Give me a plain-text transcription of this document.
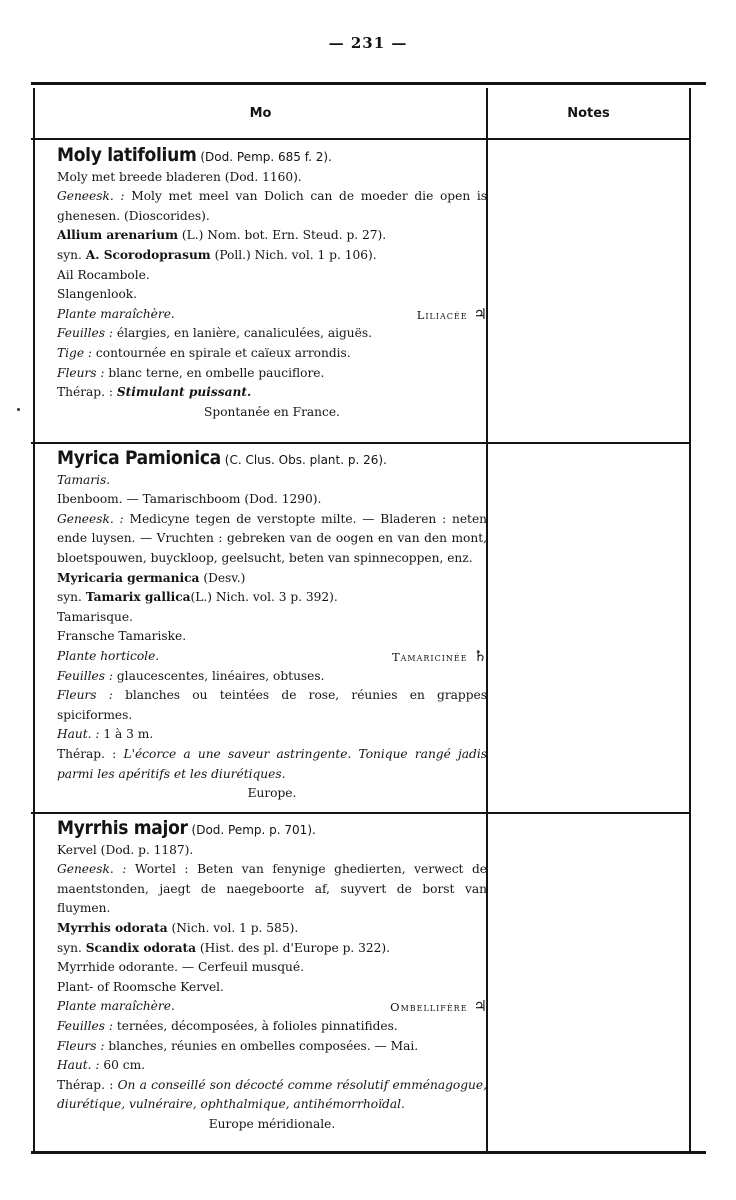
— 231 —
Mo	Notes
Moly latifolium (Dod. Pemp. 685 f. 2).
Moly met breede bladeren (Dod. 1160).
Geneesk. : Moly met meel van Dolich can de moeder die open is ghenesen. (Dioscorides).
Allium arenarium (L.) Nom. bot. Ern. Steud. p. 27).
syn. A. Scorodoprasum (Poll.) Nich. vol. 1 p. 106).
Ail Rocambole.
Slangenlook.
Plante maraîchère.	Liliacée ♃
Feuilles : élargies, en lanière, canaliculées, aiguës.
Tige : contournée en spirale et caïeux arrondis.
Fleurs : blanc terne, en ombelle pauciflore.
Thérap. : Stimulant puissant.
Spontanée en France.
Myrica Pamionica (C. Clus. Obs. plant. p. 26).
Tamaris.
Ibenboom. — Tamarischboom (Dod. 1290).
Geneesk. : Medicyne tegen de verstopte milte. — Bladeren : neten ende luysen. — Vruchten : gebreken van de oogen en van den mont, bloetspouwen, buyckloop, geelsucht, beten van spinnecoppen, enz.
Myricaria germanica (Desv.)
syn. Tamarix gallica(L.) Nich. vol. 3 p. 392).
Tamarisque.
Fransche Tamariske.
Plante horticole.	Tamaricinée ♄
Feuilles : glaucescentes, linéaires, obtuses.
Fleurs : blanches ou teintées de rose, réunies en grappes spiciformes.
Haut. : 1 à 3 m.
Thérap. : L'écorce a une saveur astringente. Tonique rangé jadis parmi les apéritifs et les diurétiques.
Europe.
Myrrhis major (Dod. Pemp. p. 701).
Kervel (Dod. p. 1187).
Geneesk. : Wortel : Beten van fenynige ghedierten, verwect de maentstonden, jaegt de naegeboorte af, suyvert de borst van fluymen.
Myrrhis odorata (Nich. vol. 1 p. 585).
syn. Scandix odorata (Hist. des pl. d'Europe p. 322).
Myrrhide odorante. — Cerfeuil musqué.
Plant- of Roomsche Kervel.
Plante maraîchère.	Ombellifère ♃
Feuilles : ternées, décomposées, à folioles pinnatifides.
Fleurs : blanches, réunies en ombelles composées. — Mai.
Haut. : 60 cm.
Thérap. : On a conseillé son décocté comme résolutif emménagogue, diurétique, vulnéraire, ophthalmique, antihémorrhoïdal.
Europe méridionale.
